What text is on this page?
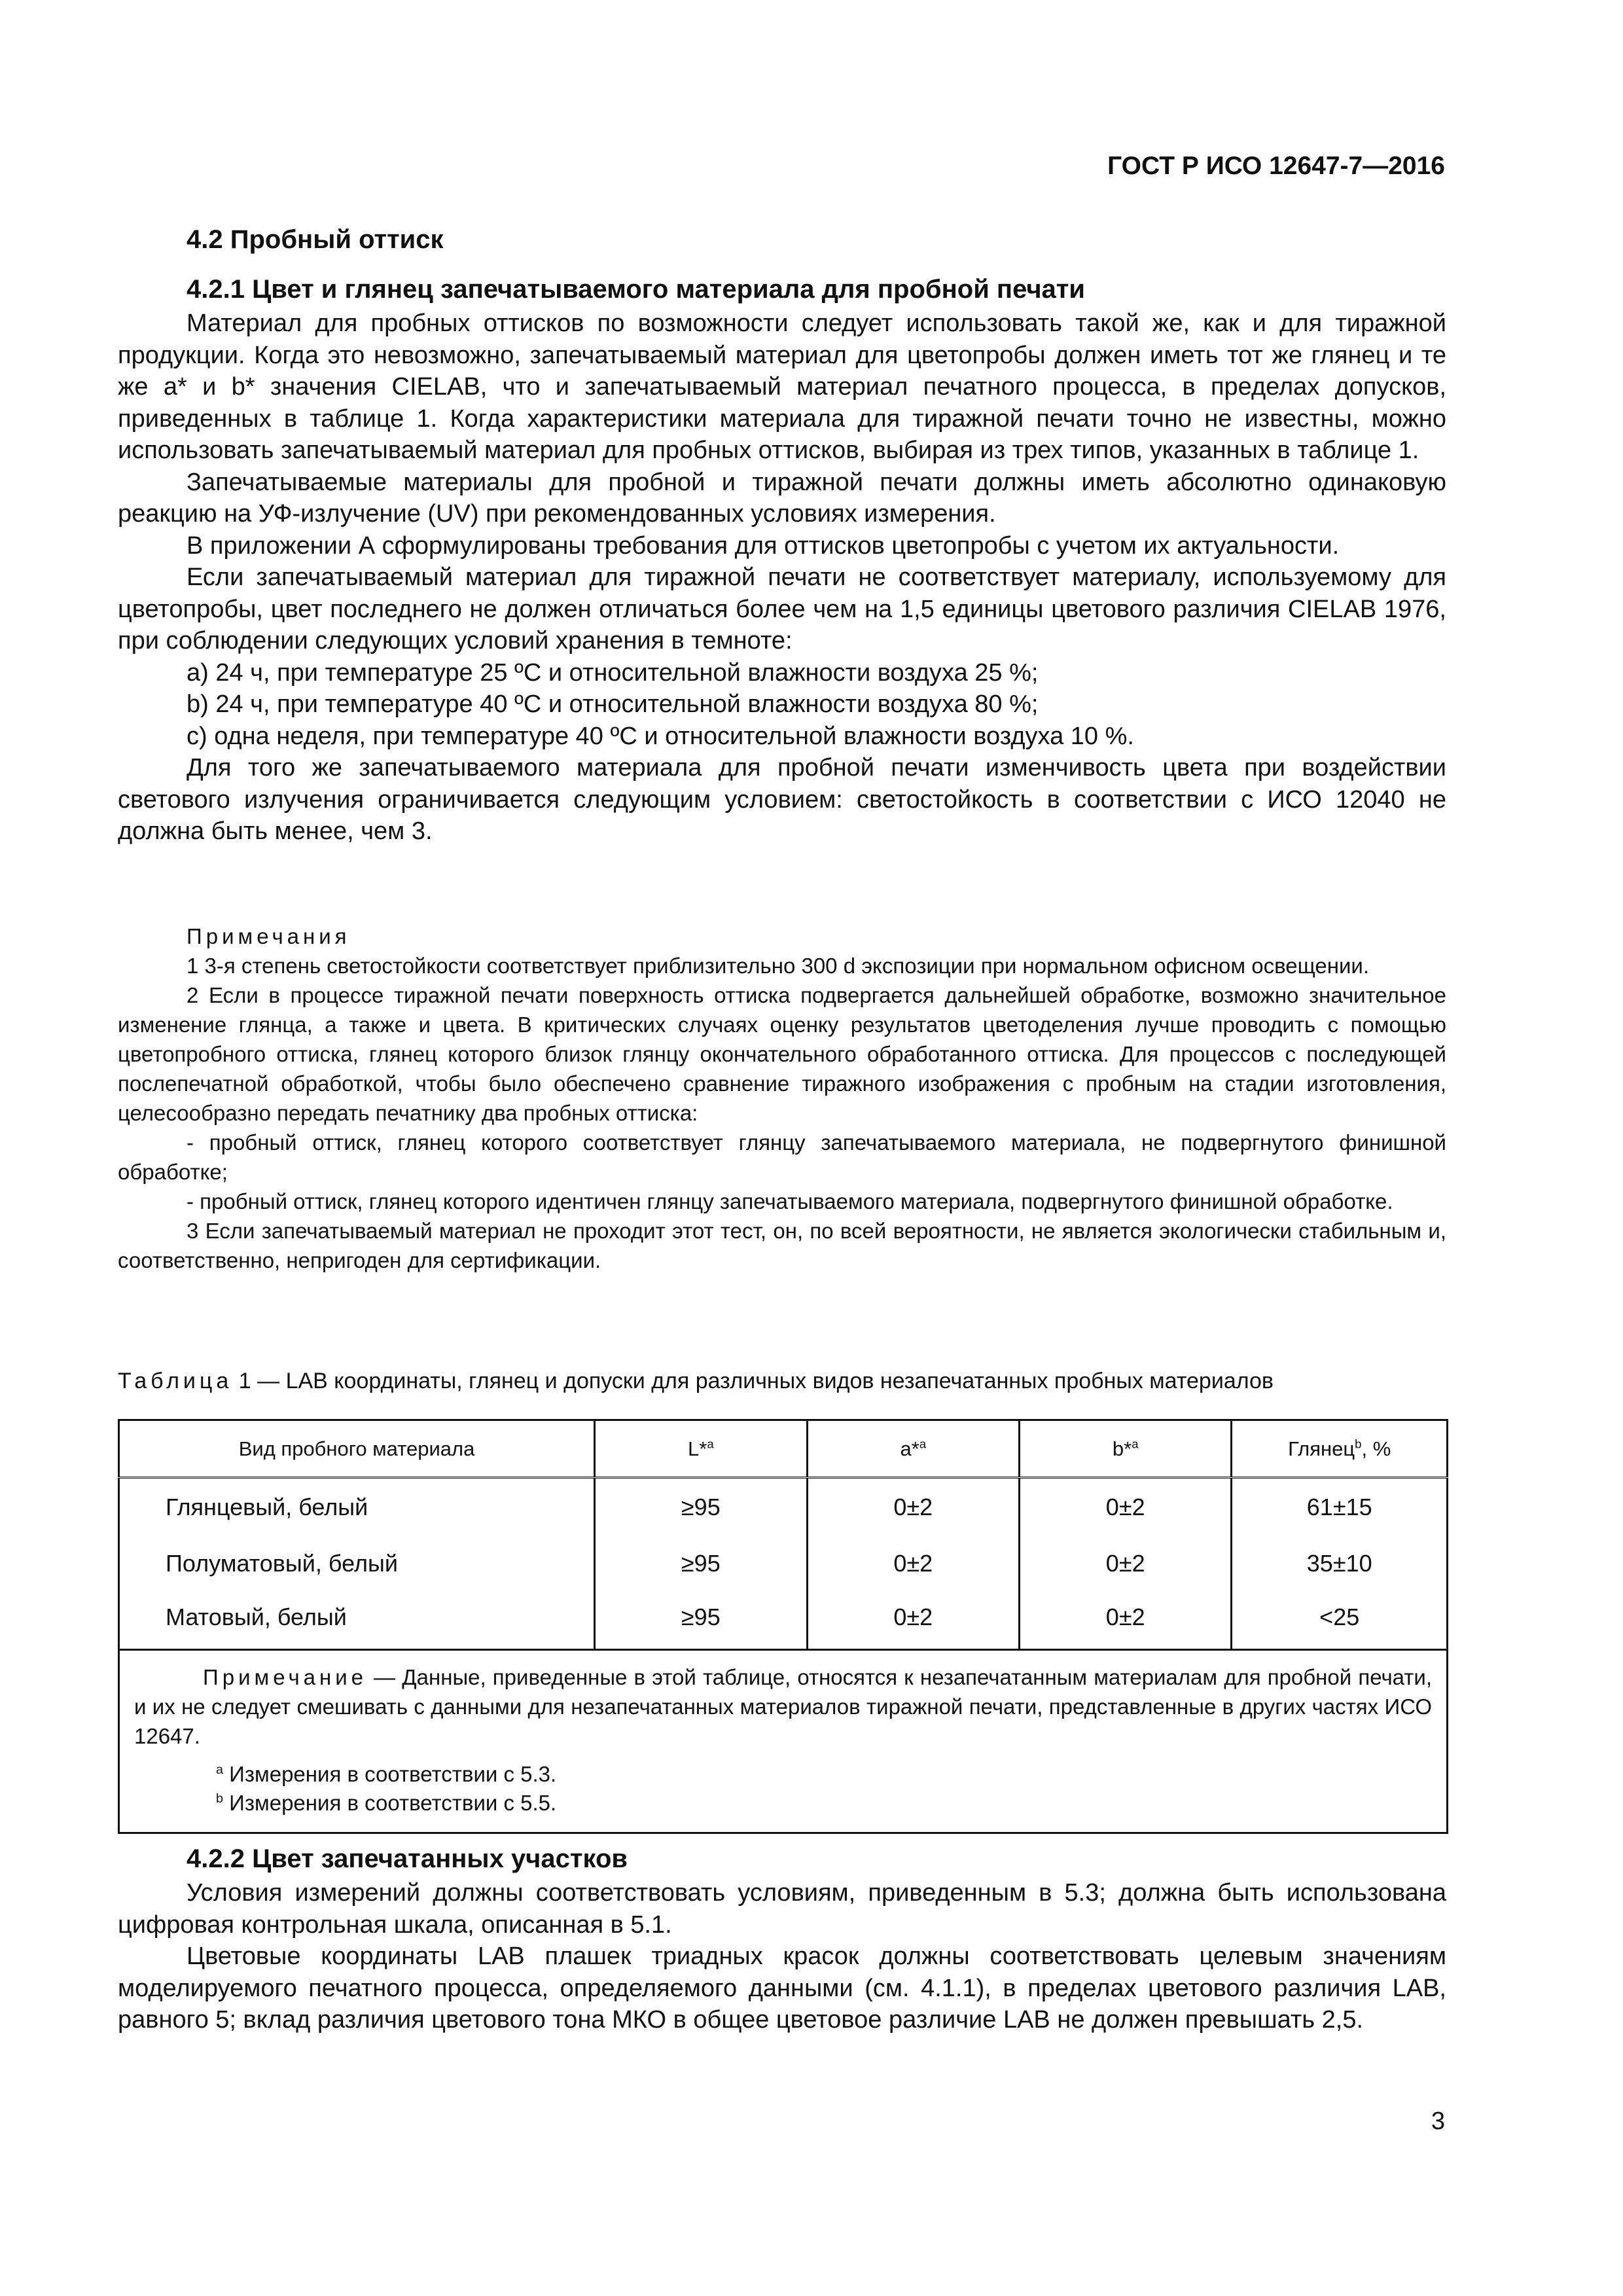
ГОСТ Р ИСО 12647-7—2016
4.2 Пробный оттиск
4.2.1 Цвет и глянец запечатываемого материала для пробной печати

Материал для пробных оттисков по возможности следует использовать такой же, как и для тиражной продукции. Когда это невозможно, запечатываемый материал для цветопробы должен иметь тот же глянец и те же a* и b* значения CIELAB, что и запечатываемый материал печатного процесса, в пределах допусков, приведенных в таблице 1. Когда характеристики материала для тиражной печати точно не известны, можно использовать запечатываемый материал для пробных оттисков, выбирая из трех типов, указанных в таблице 1.

Запечатываемые материалы для пробной и тиражной печати должны иметь абсолютно одинаковую реакцию на УФ-излучение (UV) при рекомендованных условиях измерения.

В приложении А сформулированы требования для оттисков цветопробы с учетом их актуальности.

Если запечатываемый материал для тиражной печати не соответствует материалу, используемому для цветопробы, цвет последнего не должен отличаться более чем на 1,5 единицы цветового различия CIELAB 1976, при соблюдении следующих условий хранения в темноте:

a) 24 ч, при температуре 25 ºС и относительной влажности воздуха 25 %;

b) 24 ч, при температуре 40 ºС и относительной влажности воздуха 80 %;

c) одна неделя, при температуре 40 ºС и относительной влажности воздуха 10 %.

Для того же запечатываемого материала для пробной печати изменчивость цвета при воздействии светового излучения ограничивается следующим условием: светостойкость в соответствии с ИСО 12040 не должна быть менее, чем 3.

Примечания

1 3-я степень светостойкости соответствует приблизительно 300 d экспозиции при нормальном офисном освещении.

2 Если в процессе тиражной печати поверхность оттиска подвергается дальнейшей обработке, возможно значительное изменение глянца, а также и цвета. В критических случаях оценку результатов цветоделения лучше проводить с помощью цветопробного оттиска, глянец которого близок глянцу окончательного обработанного оттиска. Для процессов с последующей послепечатной обработкой, чтобы было обеспечено сравнение тиражного изображения с пробным на стадии изготовления, целесообразно передать печатнику два пробных оттиска:

- пробный оттиск, глянец которого соответствует глянцу запечатываемого материала, не подвергнутого финишной обработке;

- пробный оттиск, глянец которого идентичен глянцу запечатываемого материала, подвергнутого финишной обработке.

3 Если запечатываемый материал не проходит этот тест, он, по всей вероятности, не является экологически стабильным и, соответственно, непригоден для сертификации.

Таблица 1 — LAB координаты, глянец и допуски для различных видов незапечатанных пробных материалов
Вид пробного материала	L*$^a$	a*$^a$	b*$^a$	Глянец$^b$, %
Глянцевый, белый	≥95	0±2	0±2	61±15
Полуматовый, белый	≥95	0±2	0±2	35±10
Матовый, белый	≥95	0±2	0±2	<25

Примечание — Данные, приведенные в этой таблице, относятся к незапечатанным материалам для пробной печати, и их не следует смешивать с данными для незапечатанных материалов тиражной печати, представленные в других частях ИСО 12647.

$^a$ Измерения в соответствии с 5.3.
$^b$ Измерения в соответствии с 5.5.				
4.2.2 Цвет запечатанных участков

Условия измерений должны соответствовать условиям, приведенным в 5.3; должна быть использована цифровая контрольная шкала, описанная в 5.1.

Цветовые координаты LAB плашек триадных красок должны соответствовать целевым значениям моделируемого печатного процесса, определяемого данными (см. 4.1.1), в пределах цветового различия LAB, равного 5; вклад различия цветового тона МКО в общее цветовое различие LAB не должен превышать 2,5.

3
